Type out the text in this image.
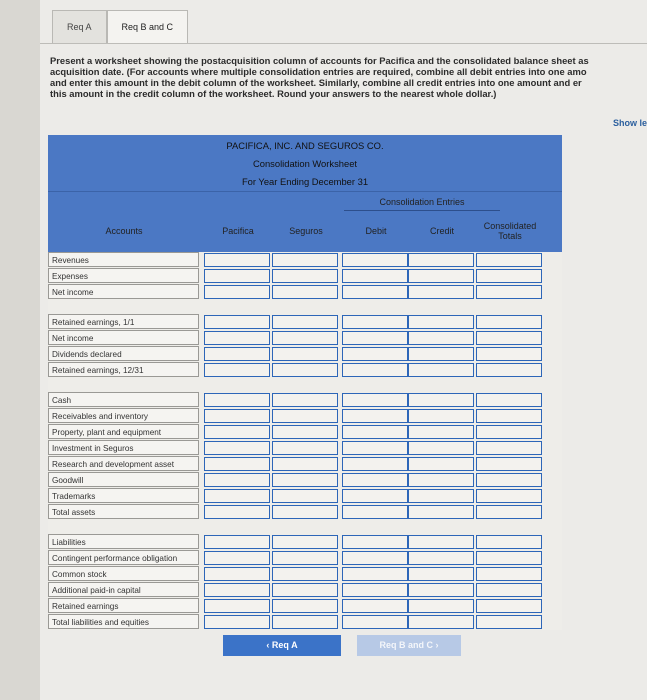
Req A	Req B and C
Present a worksheet showing the postacquisition column of accounts for Pacifica and the consolidated balance sheet as
acquisition date. (For accounts where multiple consolidation entries are required, combine all debit entries into one amo
and enter this amount in the debit column of the worksheet. Similarly, combine all credit entries into one amount and er
this amount in the credit column of the worksheet. Round your answers to the nearest whole dollar.)
Show le
PACIFICA, INC. AND SEGUROS CO.
Consolidation Worksheet
For Year Ending December 31
Consolidation Entries
Accounts	Pacifica	Seguros	Debit	Credit	Consolidated Totals
Revenues
Expenses
Net income
Retained earnings, 1/1
Net income
Dividends declared
Retained earnings, 12/31
Cash
Receivables and inventory
Property, plant and equipment
Investment in Seguros
Research and development asset
Goodwill
Trademarks
Total assets
Liabilities
Contingent performance obligation
Common stock
Additional paid-in capital
Retained earnings
Total liabilities and equities
‹ Req A	Req B and C ›
